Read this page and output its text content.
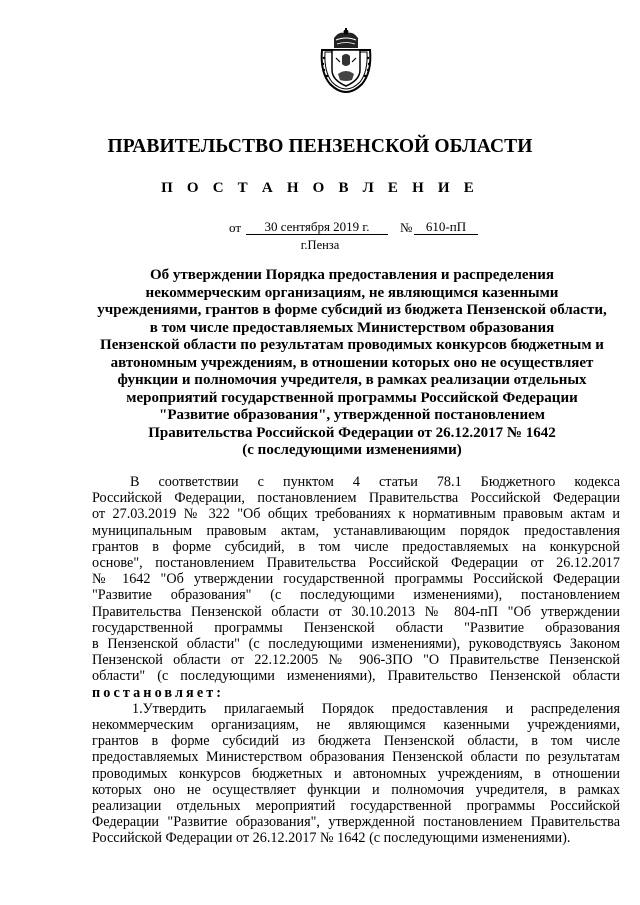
ПРАВИТЕЛЬСТВО ПЕНЗЕНСКОЙ ОБЛАСТИ
П О С Т А Н О В Л Е Н И Е
от	30 сентября 2019 г.	№	610-пП
г.Пенза
Об утверждении Порядка предоставления и распределения
некоммерческим организациям, не являющимся казенными
учреждениями, грантов в форме субсидий из бюджета Пензенской области,
в том числе предоставляемых Министерством образования
Пензенской области по результатам проводимых конкурсов бюджетным и
автономным учреждениям, в отношении которых оно не осуществляет
функции и полномочия учредителя, в рамках реализации отдельных
мероприятий государственной программы Российской Федерации
"Развитие образования", утвержденной постановлением
Правительства Российской Федерации от 26.12.2017 № 1642
(с последующими изменениями)
В соответствии с пунктом 4 статьи 78.1 Бюджетного кодекса
Российской Федерации, постановлением Правительства Российской Федерации
от 27.03.2019 № 322 "Об общих требованиях к нормативным правовым актам и
муниципальным правовым актам, устанавливающим порядок предоставления
грантов в форме субсидий, в том числе предоставляемых на конкурсной
основе", постановлением Правительства Российской Федерации от 26.12.2017
№ 1642 "Об утверждении государственной программы Российской Федерации
"Развитие образования" (с последующими изменениями), постановлением
Правительства Пензенской области от 30.10.2013 № 804-пП "Об утверждении
государственной программы Пензенской области "Развитие образования
в Пензенской области" (с последующими изменениями), руководствуясь Законом
Пензенской области от 22.12.2005 № 906-ЗПО "О Правительстве Пензенской
области" (с последующими изменениями), Правительство Пензенской области
постановляет:
1.Утвердить прилагаемый Порядок предоставления и распределения
некоммерческим организациям, не являющимся казенными учреждениями,
грантов в форме субсидий из бюджета Пензенской области, в том числе
предоставляемых Министерством образования Пензенской области по результатам
проводимых конкурсов бюджетных и автономных учреждениям, в отношении
которых оно не осуществляет функции и полномочия учредителя, в рамках
реализации отдельных мероприятий государственной программы Российской
Федерации "Развитие образования", утвержденной постановлением Правительства
Российской Федерации от 26.12.2017 № 1642 (с последующими изменениями).
